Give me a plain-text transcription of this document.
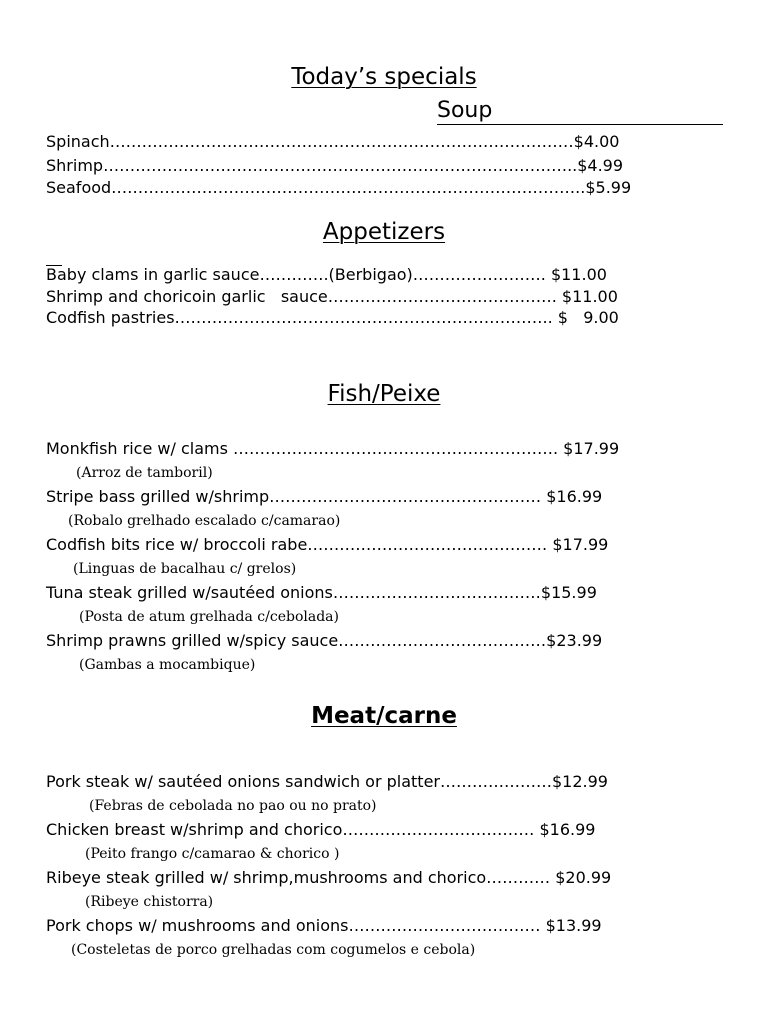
Today’s specials
Soup
Spinach……………………………………………………………………………$4.00
Shrimp……………………………………………………………………………..$4.99
Seafood……………………………………………………………………………..$5.99
Appetizers
Baby clams in garlic sauce………….(Berbigao)……………………. $11.00
Shrimp and choricoin garlic   sauce……………………………………. $11.00
Codfish pastries…………………………………………………………….. $   9.00
Fish/Peixe
Monkfish rice w/ clams ……………………………………………………. $17.99
(Arroz de tamboril)
Stripe bass grilled w/shrimp…………………………………………… $16.99
(Robalo grelhado escalado c/camarao)
Codfish bits rice w/ broccoli rabe……………………………………… $17.99
(Linguas de bacalhau c/ grelos)
Tuna steak grilled w/sautéed onions…………………………………$15.99
(Posta de atum grelhada c/cebolada)
Shrimp prawns grilled w/spicy sauce…………………………………$23.99
(Gambas a mocambique)
Meat/carne
Pork steak w/ sautéed onions sandwich or platter…………………$12.99
(Febras de cebolada no pao ou no prato)
Chicken breast w/shrimp and chorico……………………………… $16.99
(Peito frango c/camarao & chorico )
Ribeye steak grilled w/ shrimp,mushrooms and chorico………… $20.99
(Ribeye chistorra)
Pork chops w/ mushrooms and onions……………………………… $13.99
(Costeletas de porco grelhadas com cogumelos e cebola)
